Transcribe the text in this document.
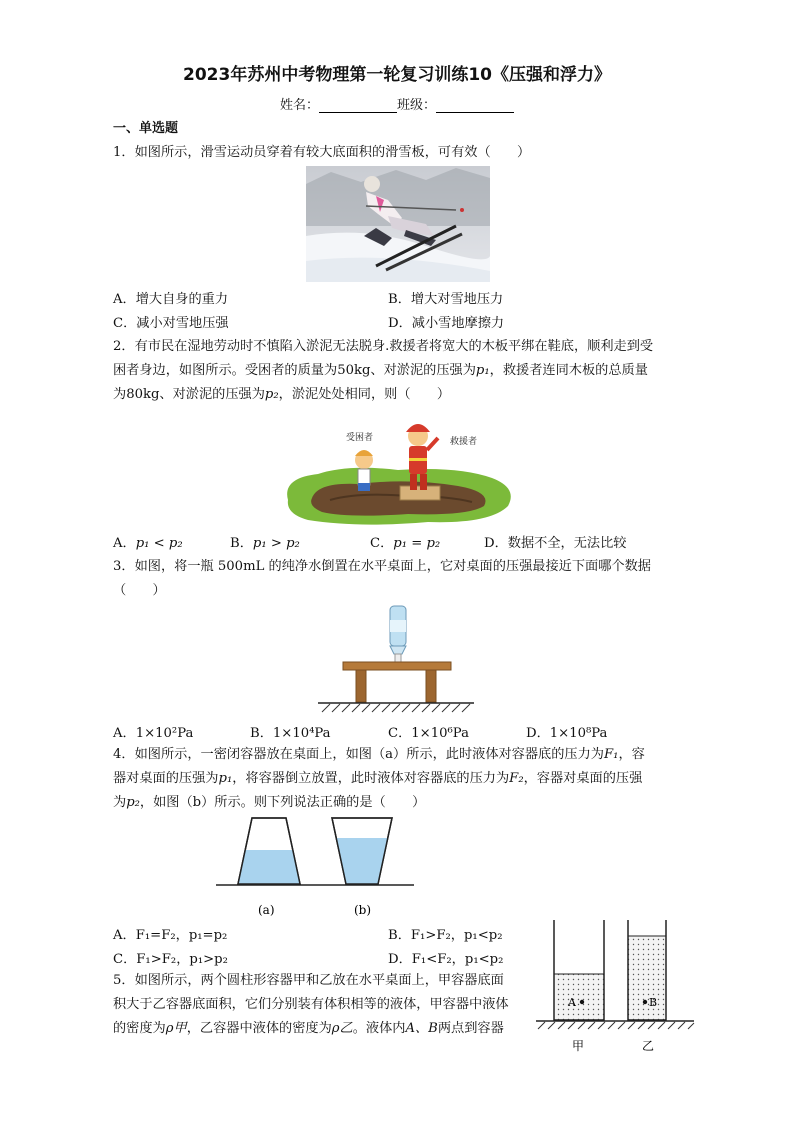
2023年苏州中考物理第一轮复习训练10《压强和浮力》
姓名：	班级：
一、单选题
1．如图所示，滑雪运动员穿着有较大底面积的滑雪板，可有效（　　）
A．增大自身的重力	B．增大对雪地压力
C．减小对雪地压强	D．减小雪地摩擦力
2．有市民在湿地劳动时不慎陷入淤泥无法脱身.救援者将宽大的木板平绑在鞋底，顺利走到受
困者身边，如图所示。受困者的质量为50kg、对淤泥的压强为p₁，救援者连同木板的总质量
为80kg、对淤泥的压强为p₂，淤泥处处相同，则（　　）
受困者	救援者
A．p₁ < p₂	B．p₁ > p₂	C．p₁ = p₂	D．数据不全，无法比较
3．如图，将一瓶 500mL 的纯净水倒置在水平桌面上，它对桌面的压强最接近下面哪个数据
（　　）
A．1×10²Pa	B．1×10⁴Pa	C．1×10⁶Pa	D．1×10⁸Pa
4．如图所示，一密闭容器放在桌面上，如图（a）所示，此时液体对容器底的压力为F₁，容
器对桌面的压强为p₁，将容器倒立放置，此时液体对容器底的压力为F₂，容器对桌面的压强
为p₂，如图（b）所示。则下列说法正确的是（　　）
(a)	(b)
A．F₁=F₂，p₁=p₂	B．F₁>F₂，p₁<p₂
C．F₁>F₂，p₁>p₂	D．F₁<F₂，p₁<p₂
5．如图所示，两个圆柱形容器甲和乙放在水平桌面上，甲容器底面
积大于乙容器底面积，它们分别装有体积相等的液体，甲容器中液体
的密度为ρ甲，乙容器中液体的密度为ρ乙。液体内A、B两点到容器
A	B
甲	乙
